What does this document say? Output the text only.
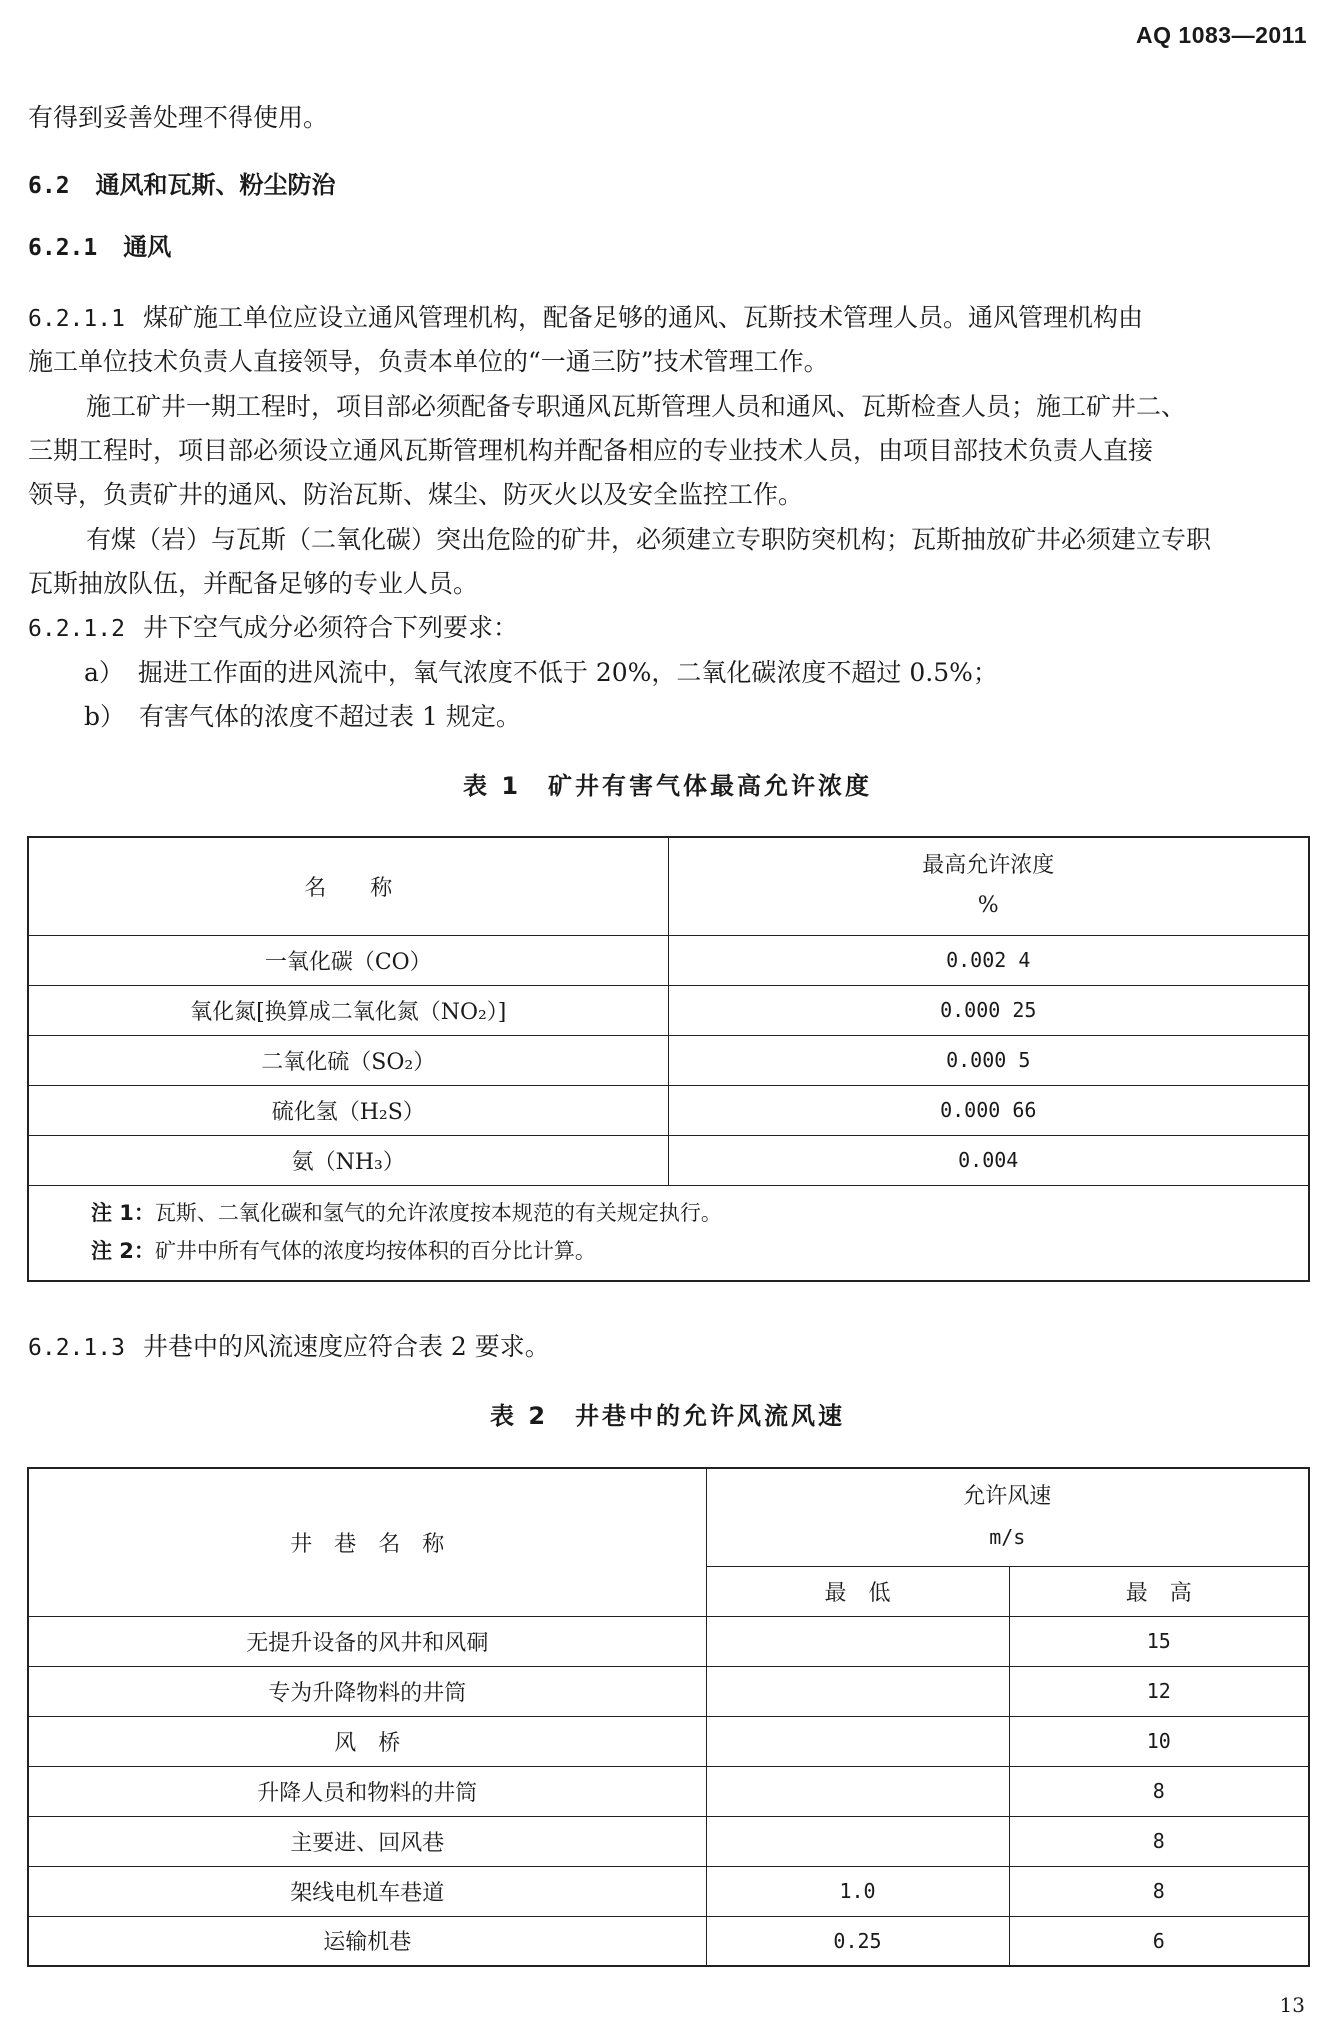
AQ 1083—2011
有得到妥善处理不得使用。
6.2 通风和瓦斯、粉尘防治
6.2.1 通风
6.2.1.1 煤矿施工单位应设立通风管理机构，配备足够的通风、瓦斯技术管理人员。通风管理机构由
施工单位技术负责人直接领导，负责本单位的“一通三防”技术管理工作。
施工矿井一期工程时，项目部必须配备专职通风瓦斯管理人员和通风、瓦斯检查人员；施工矿井二、
三期工程时，项目部必须设立通风瓦斯管理机构并配备相应的专业技术人员，由项目部技术负责人直接
领导，负责矿井的通风、防治瓦斯、煤尘、防灭火以及安全监控工作。
有煤（岩）与瓦斯（二氧化碳）突出危险的矿井，必须建立专职防突机构；瓦斯抽放矿井必须建立专职
瓦斯抽放队伍，并配备足够的专业人员。
6.2.1.2 井下空气成分必须符合下列要求：
a） 掘进工作面的进风流中，氧气浓度不低于 20%，二氧化碳浓度不超过 0.5%；
b） 有害气体的浓度不超过表 1 规定。
表 1　矿井有害气体最高允许浓度
名　　称	最高允许浓度
%

一氧化碳（CO）	0.002 4
氧化氮[换算成二氧化氮（NO₂）]	0.000 25
二氧化硫（SO₂）	0.000 5
硫化氢（H₂S）	0.000 66
氨（NH₃）	0.004

注 1：瓦斯、二氧化碳和氢气的允许浓度按本规范的有关规定执行。
注 2：矿井中所有气体的浓度均按体积的百分比计算。	
6.2.1.3 井巷中的风流速度应符合表 2 要求。
表 2　井巷中的允许风流风速
井　巷　名　称	允许风速
m/s	

	最　低	最　高
无提升设备的风井和风硐		15
专为升降物料的井筒		12
风　桥		10
升降人员和物料的井筒		8
主要进、回风巷		8
架线电机车巷道	1.0	8
运输机巷	0.25	6
13
